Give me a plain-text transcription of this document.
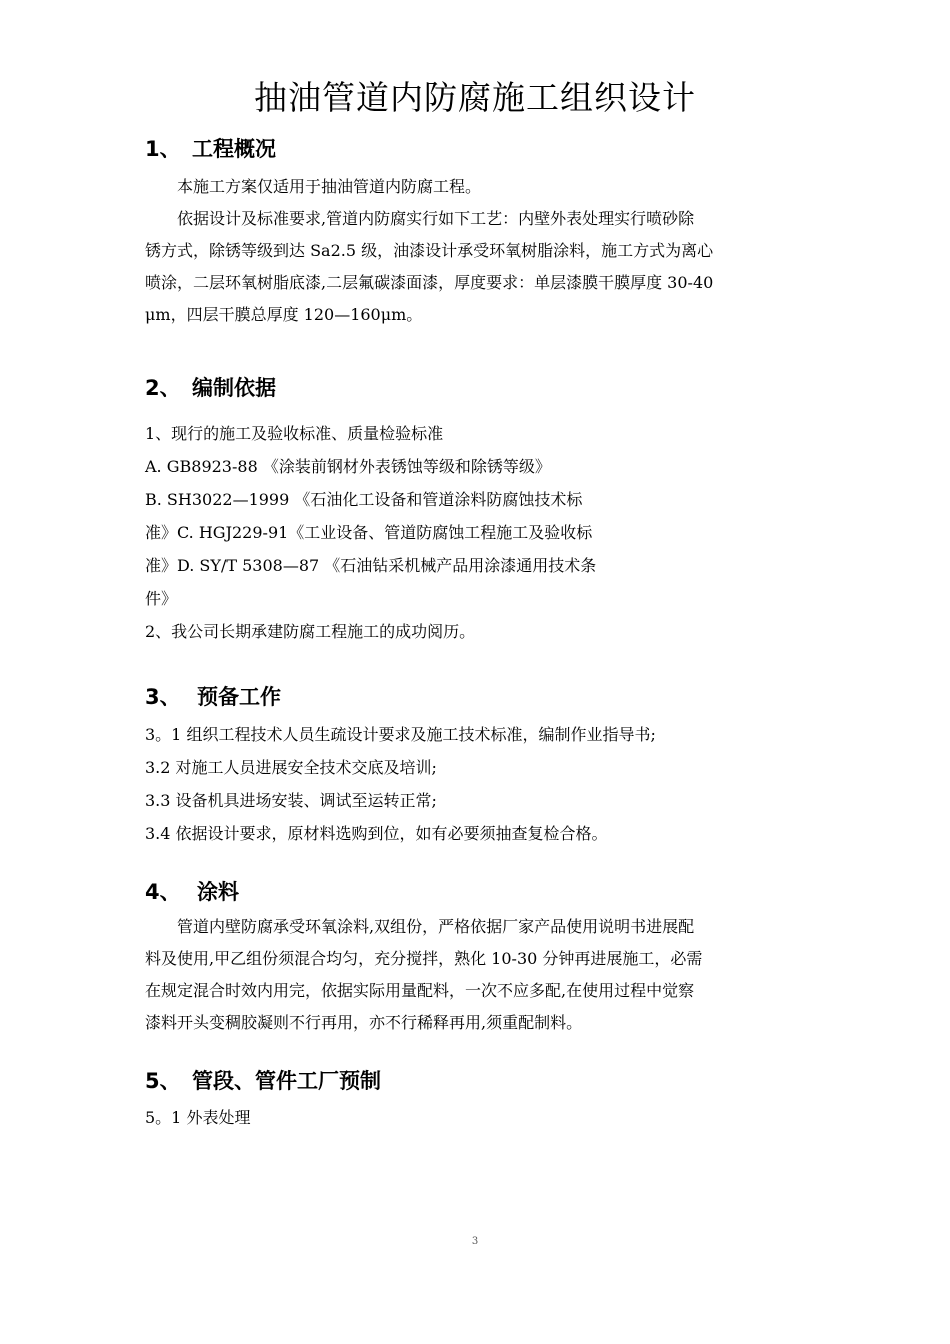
抽油管道内防腐施工组织设计
1、 工程概况
本施工方案仅适用于抽油管道内防腐工程。
依据设计及标准要求,管道内防腐实行如下工艺：内壁外表处理实行喷砂除
锈方式，除锈等级到达 Sa2.5 级，油漆设计承受环氧树脂涂料，施工方式为离心
喷涂，二层环氧树脂底漆,二层氟碳漆面漆，厚度要求：单层漆膜干膜厚度 30-40
μm，四层干膜总厚度 120—160μm。
2、 编制依据
1、现行的施工及验收标准、质量检验标准
A. GB8923-88 《涂装前钢材外表锈蚀等级和除锈等级》
B. SH3022—1999 《石油化工设备和管道涂料防腐蚀技术标
准》C. HGJ229-91《工业设备、管道防腐蚀工程施工及验收标
准》D. SY/T 5308—87 《石油钻采机械产品用涂漆通用技术条
件》
2、我公司长期承建防腐工程施工的成功阅历。
3、 预备工作
3。1 组织工程技术人员生疏设计要求及施工技术标准，编制作业指导书;
3.2 对施工人员进展安全技术交底及培训;
3.3 设备机具进场安装、调试至运转正常;
3.4 依据设计要求，原材料选购到位，如有必要须抽查复检合格。
4、 涂料
管道内壁防腐承受环氧涂料,双组份，严格依据厂家产品使用说明书进展配
料及使用,甲乙组份须混合均匀，充分搅拌，熟化 10-30 分钟再进展施工，必需
在规定混合时效内用完，依据实际用量配料，一次不应多配,在使用过程中觉察
漆料开头变稠胶凝则不行再用，亦不行稀释再用,须重配制料。
5、 管段、管件工厂预制
5。1 外表处理
3
